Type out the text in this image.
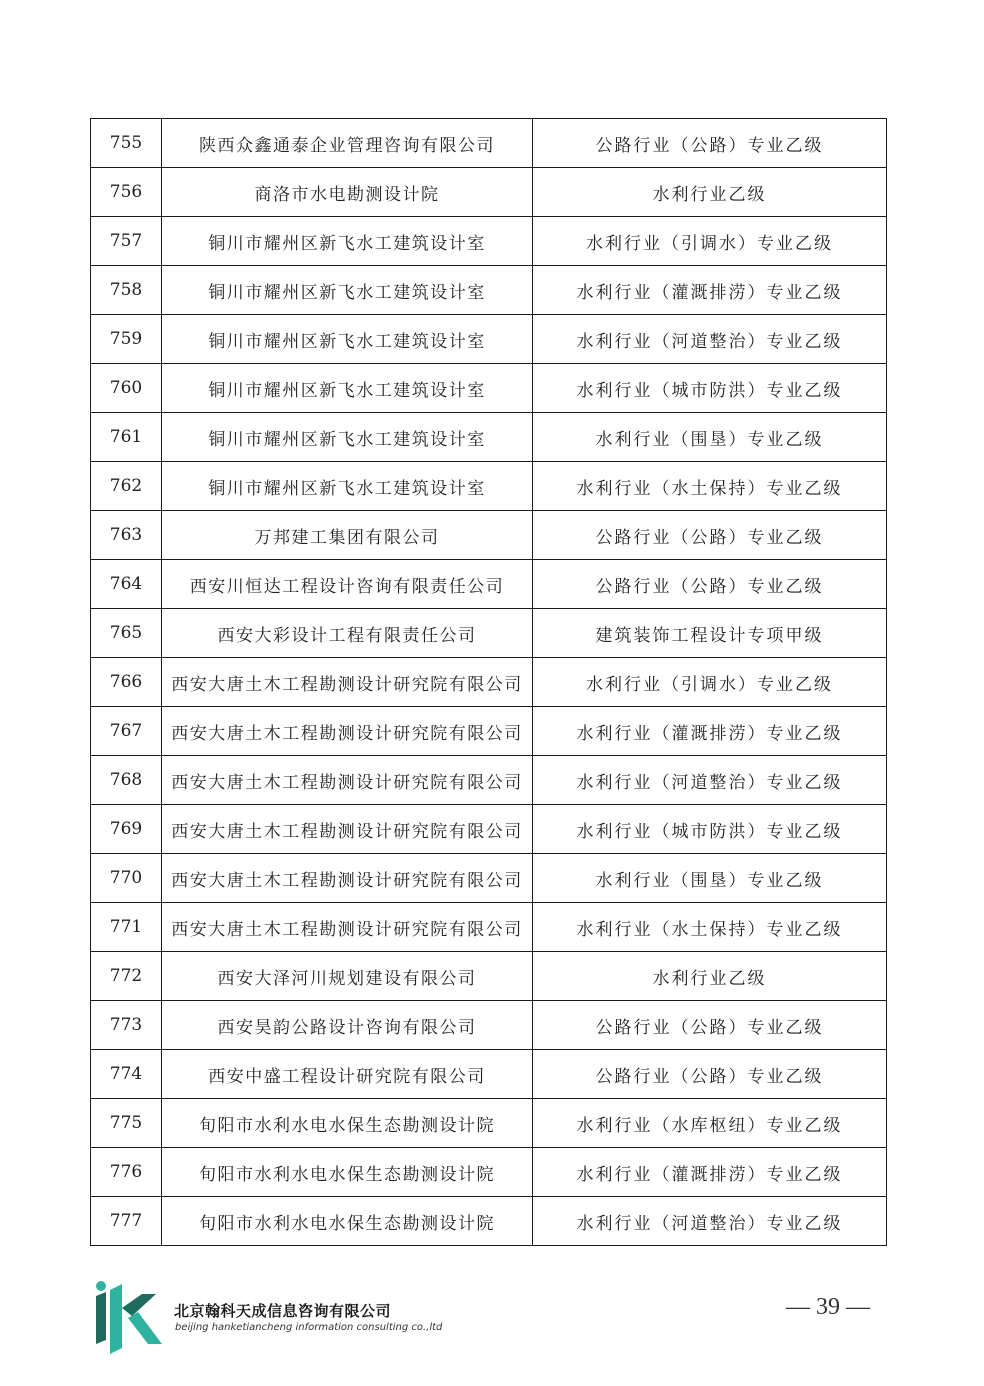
755	陕西众鑫通泰企业管理咨询有限公司	公路行业（公路）专业乙级
756	商洛市水电勘测设计院	水利行业乙级
757	铜川市耀州区新飞水工建筑设计室	水利行业（引调水）专业乙级
758	铜川市耀州区新飞水工建筑设计室	水利行业（灌溉排涝）专业乙级
759	铜川市耀州区新飞水工建筑设计室	水利行业（河道整治）专业乙级
760	铜川市耀州区新飞水工建筑设计室	水利行业（城市防洪）专业乙级
761	铜川市耀州区新飞水工建筑设计室	水利行业（围垦）专业乙级
762	铜川市耀州区新飞水工建筑设计室	水利行业（水土保持）专业乙级
763	万邦建工集团有限公司	公路行业（公路）专业乙级
764	西安川恒达工程设计咨询有限责任公司	公路行业（公路）专业乙级
765	西安大彩设计工程有限责任公司	建筑装饰工程设计专项甲级
766	西安大唐土木工程勘测设计研究院有限公司	水利行业（引调水）专业乙级
767	西安大唐土木工程勘测设计研究院有限公司	水利行业（灌溉排涝）专业乙级
768	西安大唐土木工程勘测设计研究院有限公司	水利行业（河道整治）专业乙级
769	西安大唐土木工程勘测设计研究院有限公司	水利行业（城市防洪）专业乙级
770	西安大唐土木工程勘测设计研究院有限公司	水利行业（围垦）专业乙级
771	西安大唐土木工程勘测设计研究院有限公司	水利行业（水土保持）专业乙级
772	西安大泽河川规划建设有限公司	水利行业乙级
773	西安昊韵公路设计咨询有限公司	公路行业（公路）专业乙级
774	西安中盛工程设计研究院有限公司	公路行业（公路）专业乙级
775	旬阳市水利水电水保生态勘测设计院	水利行业（水库枢纽）专业乙级
776	旬阳市水利水电水保生态勘测设计院	水利行业（灌溉排涝）专业乙级
777	旬阳市水利水电水保生态勘测设计院	水利行业（河道整治）专业乙级
北京翰科天成信息咨询有限公司
beijing hanketiancheng information consulting co.,ltd
— 39 —
